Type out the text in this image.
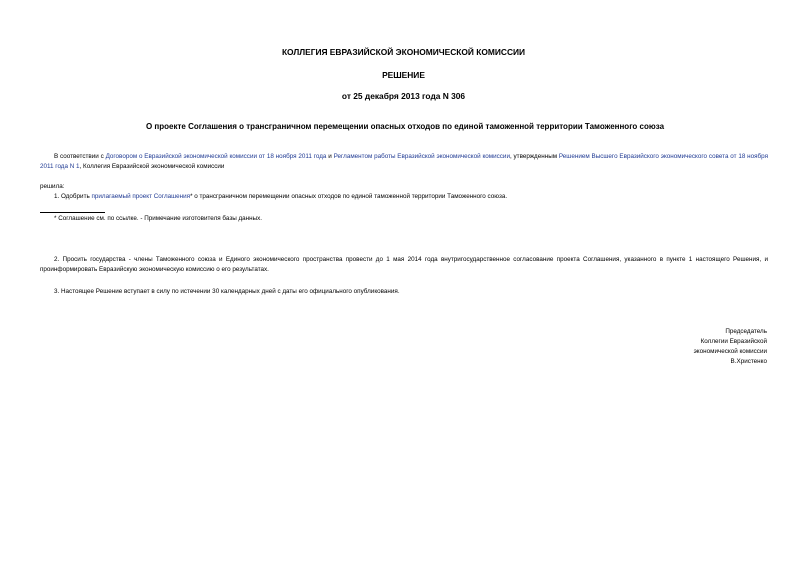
КОЛЛЕГИЯ ЕВРАЗИЙСКОЙ ЭКОНОМИЧЕСКОЙ КОМИССИИ
РЕШЕНИЕ
от 25 декабря 2013 года N 306
О проекте Соглашения о трансграничном перемещении опасных отходов по единой таможенной территории Таможенного союза
В соответствии с Договором о Евразийской экономической комиссии от 18 ноября 2011 года и Регламентом работы Евразийской экономической комиссии, утвержденным Решением Высшего Евразийского экономического совета от 18 ноября 2011 года N 1, Коллегия Евразийской экономической комиссии
решила:
1. Одобрить прилагаемый проект Соглашения* о трансграничном перемещении опасных отходов по единой таможенной территории Таможенного союза.
* Соглашение см. по ссылке. - Примечание изготовителя базы данных.
2. Просить государства - члены Таможенного союза и Единого экономического пространства провести до 1 мая 2014 года внутригосударственное согласование проекта Соглашения, указанного в пункте 1 настоящего Решения, и проинформировать Евразийскую экономическую комиссию о его результатах.
3. Настоящее Решение вступает в силу по истечении 30 календарных дней с даты его официального опубликования.
Председатель
Коллегии Евразийской
экономической комиссии
В.Христенко
